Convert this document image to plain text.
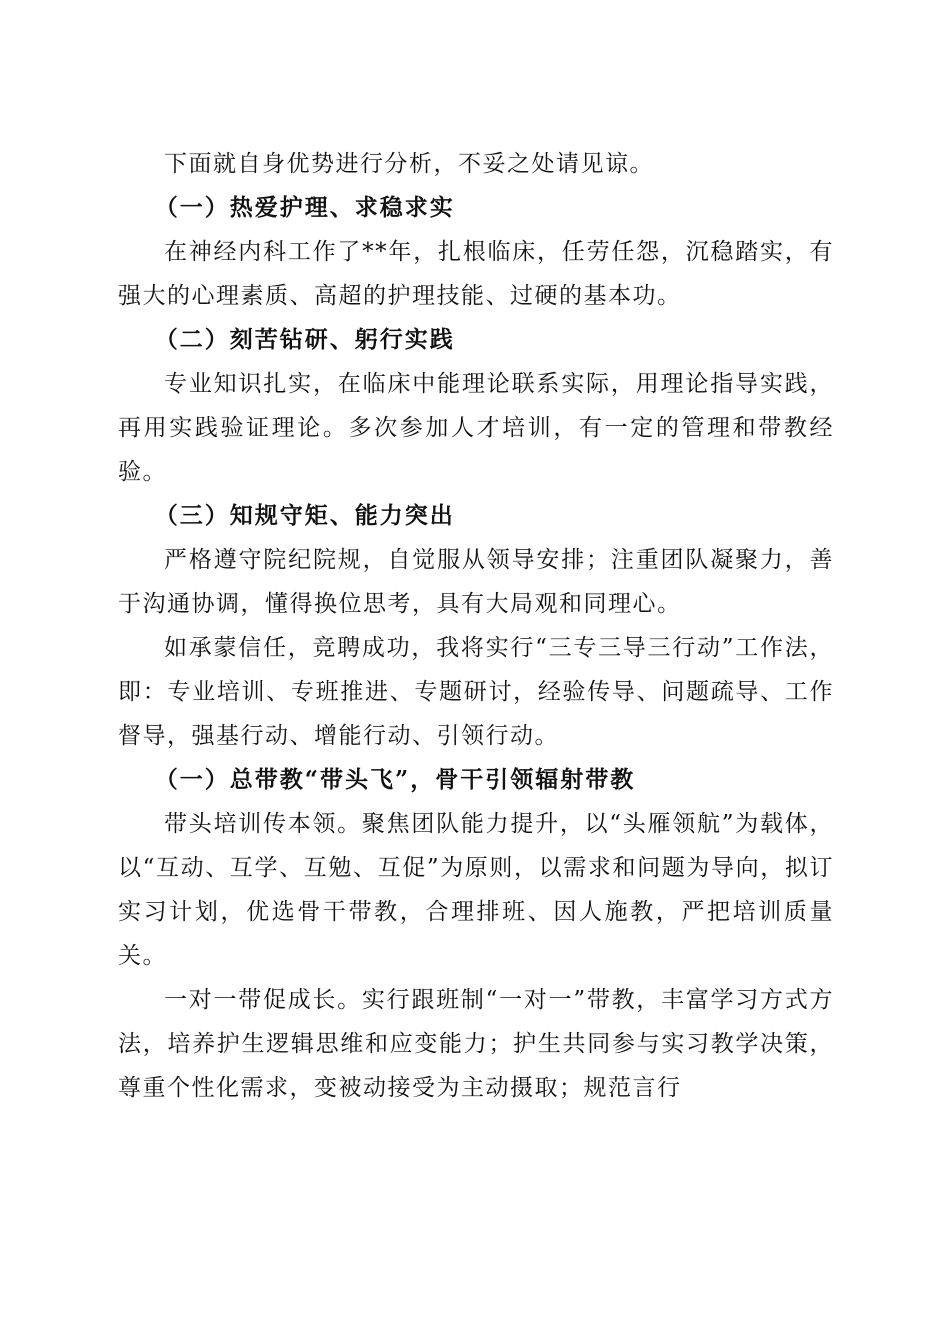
下面就自身优势进行分析，不妥之处请见谅。

（一）热爱护理、求稳求实

在神经内科工作了**年，扎根临床，任劳任怨，沉稳踏实，有强大的心理素质、高超的护理技能、过硬的基本功。

（二）刻苦钻研、躬行实践

专业知识扎实，在临床中能理论联系实际，用理论指导实践，再用实践验证理论。多次参加人才培训，有一定的管理和带教经验。

（三）知规守矩、能力突出

严格遵守院纪院规，自觉服从领导安排；注重团队凝聚力，善于沟通协调，懂得换位思考，具有大局观和同理心。

如承蒙信任，竞聘成功，我将实行“三专三导三行动”工作法，即：专业培训、专班推进、专题研讨，经验传导、问题疏导、工作督导，强基行动、增能行动、引领行动。

（一）总带教“带头飞”，骨干引领辐射带教

带头培训传本领。聚焦团队能力提升，以“头雁领航”为载体，以“互动、互学、互勉、互促”为原则，以需求和问题为导向，拟订实习计划，优选骨干带教，合理排班、因人施教，严把培训质量关。

一对一带促成长。实行跟班制“一对一”带教，丰富学习方式方法，培养护生逻辑思维和应变能力；护生共同参与实习教学决策，尊重个性化需求，变被动接受为主动摄取；规范言行
